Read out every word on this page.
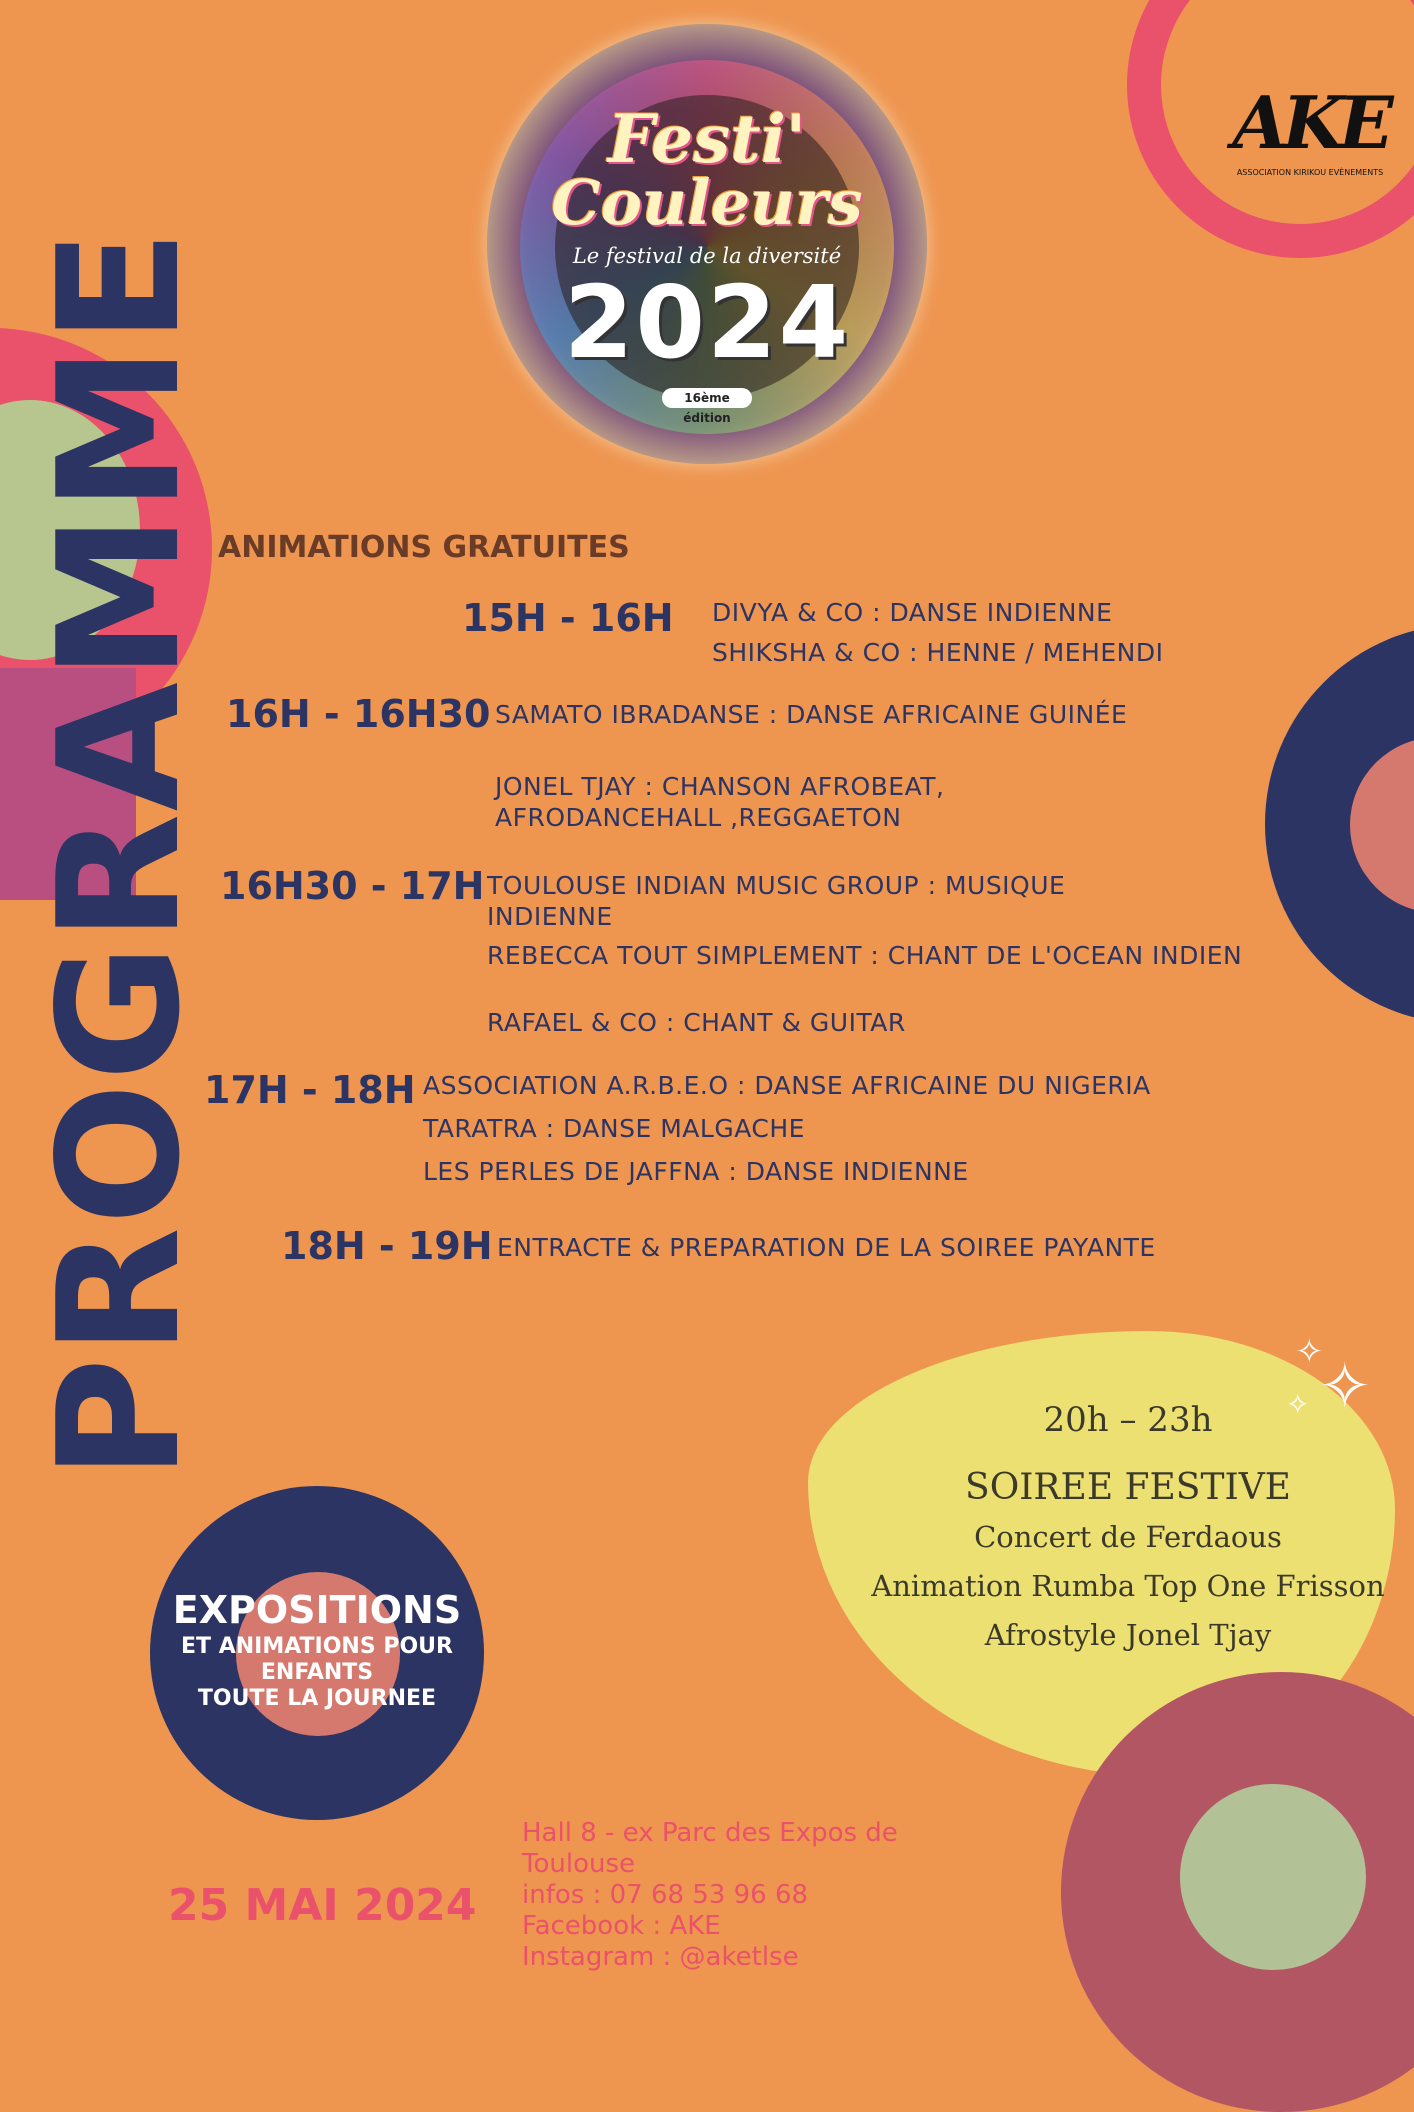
Festi'
Couleurs
Le festival de la diversité
2024
16ème édition
AKE
ASSOCIATION KIRIKOU EVÈNEMENTS
PROGRAMME ANIMATIONS GRATUITES
15H - 16H DIVYA & CO : DANSE INDIENNE
SHIKSHA & CO : HENNE / MEHENDI
16H - 16H30 SAMATO IBRADANSE : DANSE AFRICAINE GUINÉE
JONEL TJAY : CHANSON AFROBEAT, AFRODANCEHALL ,REGGAETON
16H30 - 17H TOULOUSE INDIAN MUSIC GROUP : MUSIQUE INDIENNE
REBECCA TOUT SIMPLEMENT : CHANT DE L'OCEAN INDIEN
RAFAEL & CO : CHANT & GUITAR
17H - 18H ASSOCIATION A.R.B.E.O : DANSE AFRICAINE DU NIGERIA
TARATRA : DANSE MALGACHE
LES PERLES DE JAFFNA : DANSE INDIENNE
18H - 19H ENTRACTE & PREPARATION DE LA SOIREE PAYANTE
EXPOSITIONS
ET ANIMATIONS POUR
ENFANTS
TOUTE LA JOURNEE
✧
✧
✧
20h – 23h
SOIREE FESTIVE
Concert de Ferdaous
Animation Rumba Top One Frisson
Afrostyle Jonel Tjay
25 MAI 2024
Hall 8 - ex Parc des Expos de Toulouse
infos : 07 68 53 96 68
Facebook : AKE
Instagram : @aketlse
